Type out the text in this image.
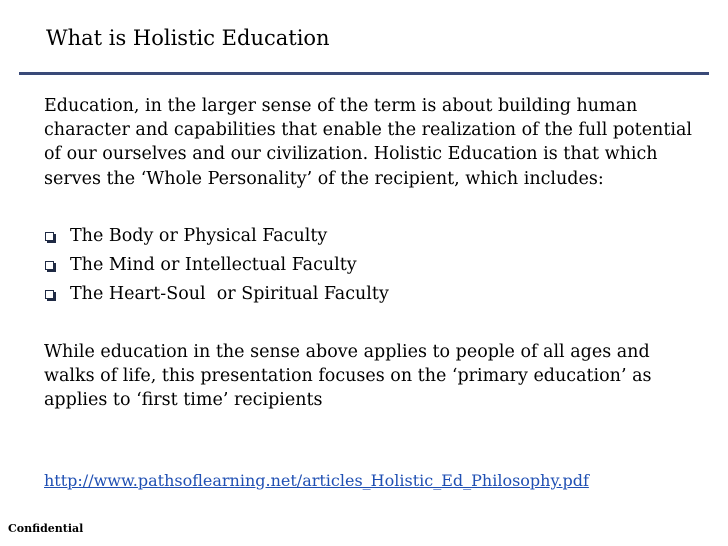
What is Holistic Education
Education, in the larger sense of the term is about building human character and capabilities that enable the realization of the full potential of our ourselves and our civilization. Holistic Education is that which serves the ‘Whole Personality’ of the recipient, which includes:
The Body or Physical Faculty
The Mind or Intellectual Faculty
The Heart-Soul  or Spiritual Faculty
While education in the sense above applies to people of all ages and walks of life, this presentation focuses on the ‘primary education’ as applies to ‘first time’ recipients
http://www.pathsoflearning.net/articles_Holistic_Ed_Philosophy.pdf
Confidential
